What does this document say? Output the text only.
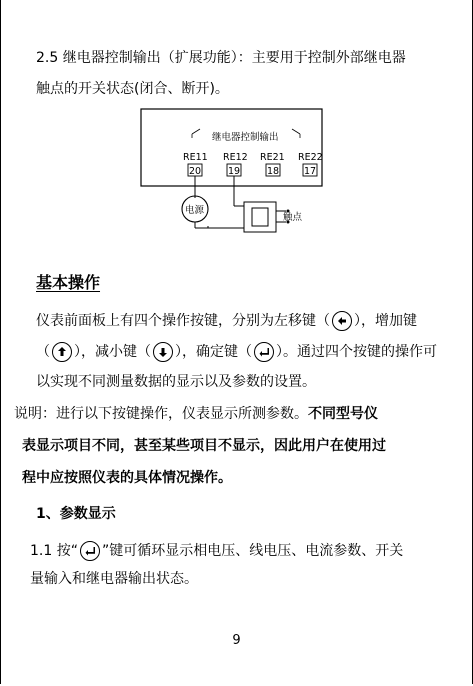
2.5 继电器控制输出（扩展功能）：主要用于控制外部继电器
触点的开关状态(闭合、断开)。
继电器控制输出
RE11 RE12 RE21 RE22
20	19	18	17
电源
触点
基本操作
仪表前面板上有四个操作按键，分别为左移键（ ），增加键
（ ），减小键（ ），确定键（ ）。通过四个按键的操作可
以实现不同测量数据的显示以及参数的设置。
说明：进行以下按键操作，仪表显示所测参数。不同型号仪
表显示项目不同，甚至某些项目不显示，因此用户在使用过
程中应按照仪表的具体情况操作。
1、参数显示
1.1 按“ ”键可循环显示相电压、线电压、电流参数、开关
量输入和继电器输出状态。
9
